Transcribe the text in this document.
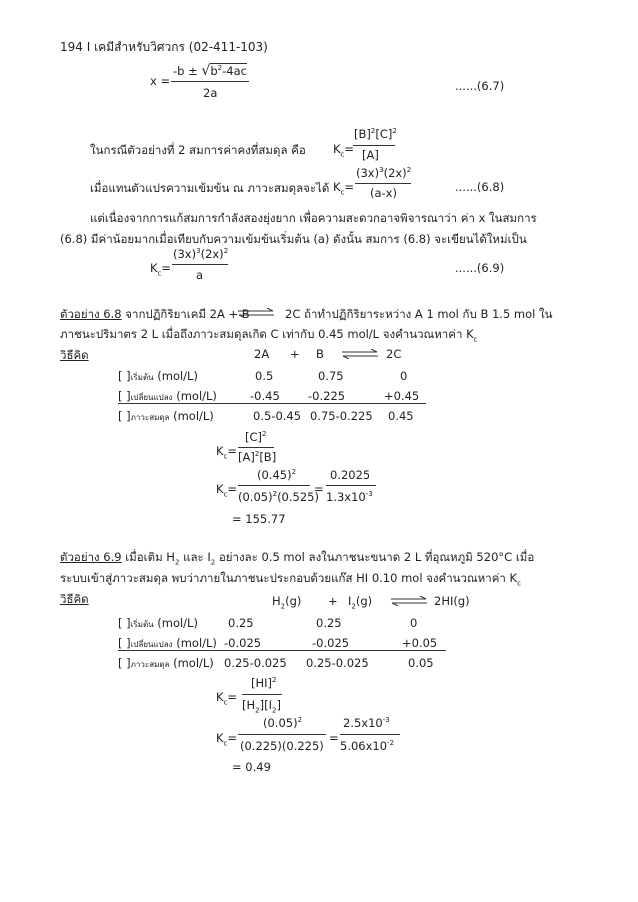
194 I เคมีสำหรับวิศวกร (02-411-103)
x =
$-b \pm √b^2-4ac$
2a	......(6.7)
ในกรณีตัวอย่างที่ 2 สมการค่าคงที่สมดุล คือ $K_c=$
$[B]^2[C]^2$
[A]
เมื่อแทนตัวแปรความเข้มข้น ณ ภาวะสมดุลจะได้ $K_c=$
$(3x)^3(2x)^2$
(a-x)	......(6.8)
แต่เนื่องจากการแก้สมการกำลังสองยุ่งยาก เพื่อความสะดวกอาจพิจารณาว่า ค่า x ในสมการ
(6.8) มีค่าน้อยมากเมื่อเทียบกับความเข้มข้นเริ่มต้น (a) ดังนั้น สมการ (6.8) จะเขียนได้ใหม่เป็น
$K_c=$
$(3x)^3(2x)^2$
a	......(6.9)
ตัวอย่าง 6.8 จากปฏิกิริยาเคมี 2A + B ⇌ 2C ถ้าทำปฏิกิริยาระหว่าง A 1 mol กับ B 1.5 mol ใน
ภาชนะปริมาตร 2 L เมื่อถึงภาวะสมดุลเกิด C เท่ากับ 0.45 mol/L จงคำนวณหาค่า $K_c$
วิธีคิด	2A + B ⇌ 2C
[ ]เริ่มต้น (mol/L)	0.5	0.75	0
[ ]เปลี่ยนแปลง (mol/L)	-0.45 -0.225	+0.45
[ ]ภาวะสมดุล (mol/L)	0.5-0.45 0.75-0.225 0.45
$K_c=$
$[C]^2$
$[A]^2[B]$
$K_c=$
$(0.45)^2$
$(0.05)^2(0.525)$
=
0.2025
$1.3x10^{-3}$
= 155.77
ตัวอย่าง 6.9 เมื่อเติม $H_2$ และ $I_2$ อย่างละ 0.5 mol ลงในภาชนะขนาด 2 L ที่อุณหภูมิ 520°C เมื่อ
ระบบเข้าสู่ภาวะสมดุล พบว่าภายในภาชนะประกอบด้วยแก๊ส HI 0.10 mol จงคำนวณหาค่า $K_c$
วิธีคิด	$H_2(g) + I_2(g)$ ⇌ 2HI(g)
[ ]เริ่มต้น (mol/L)	0.25	0.25	0
[ ]เปลี่ยนแปลง (mol/L) -0.025	-0.025	+0.05
[ ]ภาวะสมดุล (mol/L) 0.25-0.025 0.25-0.025	0.05
$K_c=$
[HI]$^2$
$[H_2][I_2]$
$K_c=$
$(0.05)^2$
(0.225)(0.225)
=
$2.5x10^{-3}$
$5.06x10^{-2}$
= 0.49
